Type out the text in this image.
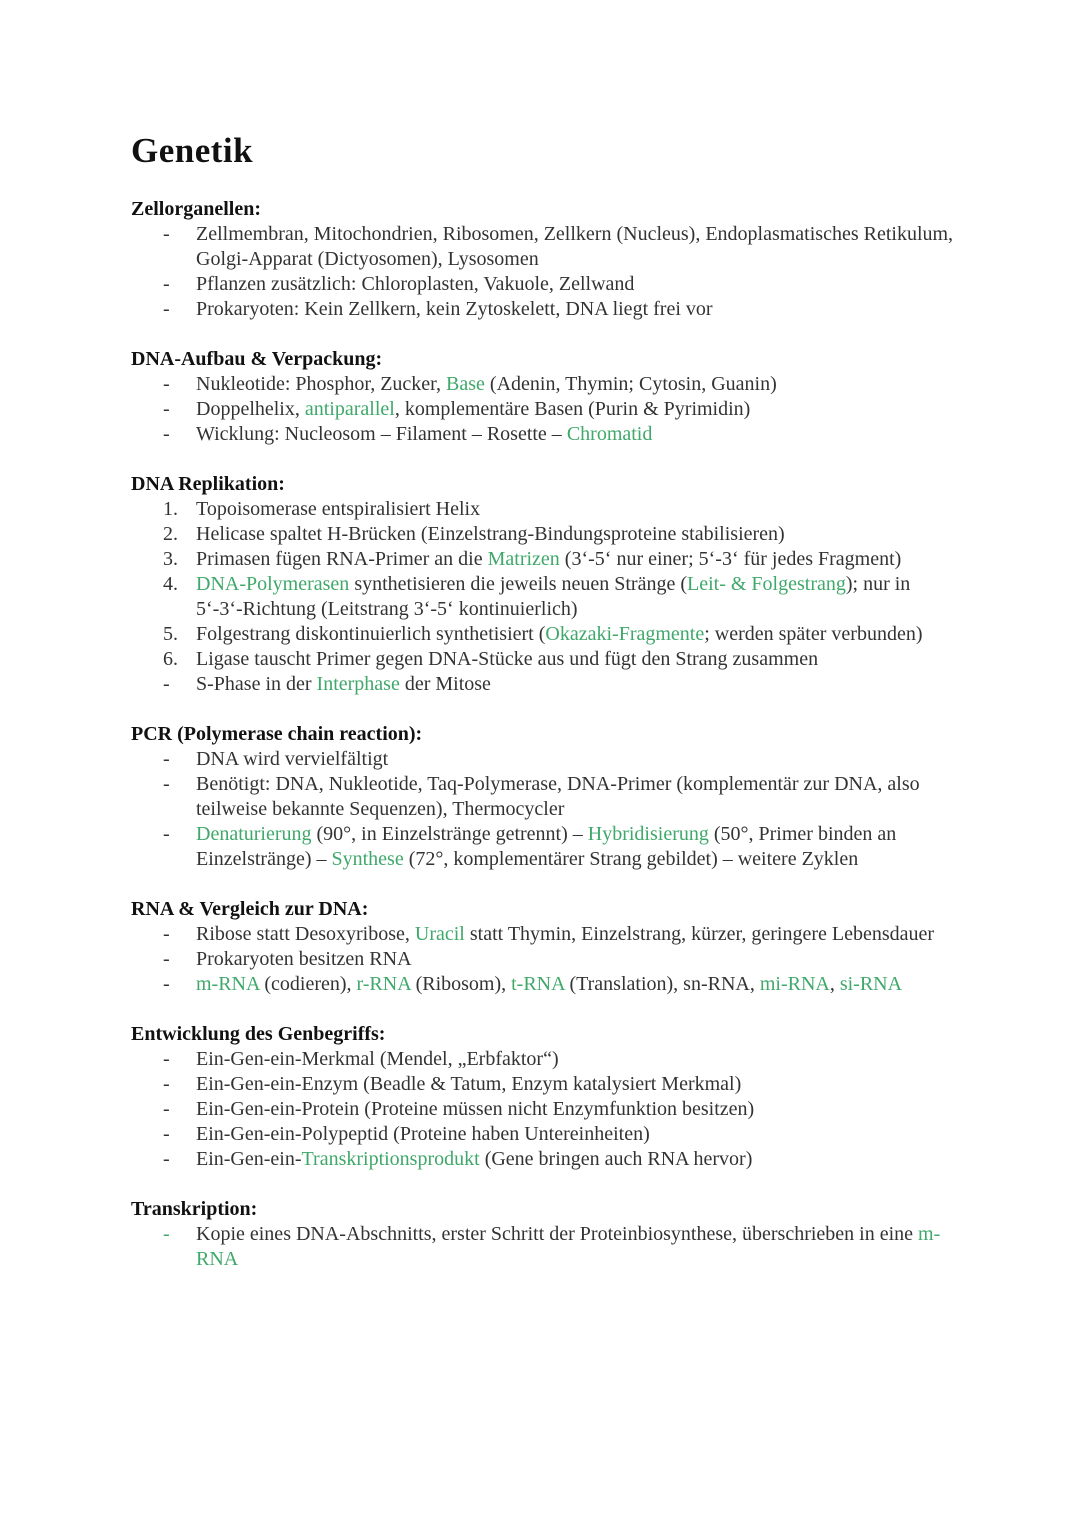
Genetik
Zellorganellen:
-	Zellmembran, Mitochondrien, Ribosomen, Zellkern (Nucleus), Endoplasmatisches Retikulum, Golgi-Apparat (Dictyosomen), Lysosomen
-	Pflanzen zusätzlich: Chloroplasten, Vakuole, Zellwand
-	Prokaryoten: Kein Zellkern, kein Zytoskelett, DNA liegt frei vor
DNA-Aufbau & Verpackung:
-	Nukleotide: Phosphor, Zucker, Base (Adenin, Thymin; Cytosin, Guanin)
-	Doppelhelix, antiparallel, komplementäre Basen (Purin & Pyrimidin)
-	Wicklung: Nucleosom – Filament – Rosette – Chromatid
DNA Replikation:
1. Topoisomerase entspiralisiert Helix
2. Helicase spaltet H-Brücken (Einzelstrang-Bindungsproteine stabilisieren)
3. Primasen fügen RNA-Primer an die Matrizen (3‘-5‘ nur einer; 5‘-3‘ für jedes Fragment)
4. DNA-Polymerasen synthetisieren die jeweils neuen Stränge (Leit- & Folgestrang); nur in 5‘-3‘-Richtung (Leitstrang 3‘-5‘ kontinuierlich)
5. Folgestrang diskontinuierlich synthetisiert (Okazaki-Fragmente; werden später verbunden)
6. Ligase tauscht Primer gegen DNA-Stücke aus und fügt den Strang zusammen
-	S-Phase in der Interphase der Mitose
PCR (Polymerase chain reaction):
-	DNA wird vervielfältigt
-	Benötigt: DNA, Nukleotide, Taq-Polymerase, DNA-Primer (komplementär zur DNA, also teilweise bekannte Sequenzen), Thermocycler
-	Denaturierung (90°, in Einzelstränge getrennt) – Hybridisierung (50°, Primer binden an Einzelstränge) – Synthese (72°, komplementärer Strang gebildet) – weitere Zyklen
RNA & Vergleich zur DNA:
-	Ribose statt Desoxyribose, Uracil statt Thymin, Einzelstrang, kürzer, geringere Lebensdauer
-	Prokaryoten besitzen RNA
-	m-RNA (codieren), r-RNA (Ribosom), t-RNA (Translation), sn-RNA, mi-RNA, si-RNA
Entwicklung des Genbegriffs:
-	Ein-Gen-ein-Merkmal (Mendel, „Erbfaktor“)
-	Ein-Gen-ein-Enzym (Beadle & Tatum, Enzym katalysiert Merkmal)
-	Ein-Gen-ein-Protein (Proteine müssen nicht Enzymfunktion besitzen)
-	Ein-Gen-ein-Polypeptid (Proteine haben Untereinheiten)
-	Ein-Gen-ein-Transkriptionsprodukt (Gene bringen auch RNA hervor)
Transkription:
-	Kopie eines DNA-Abschnitts, erster Schritt der Proteinbiosynthese, überschrieben in eine m-RNA
